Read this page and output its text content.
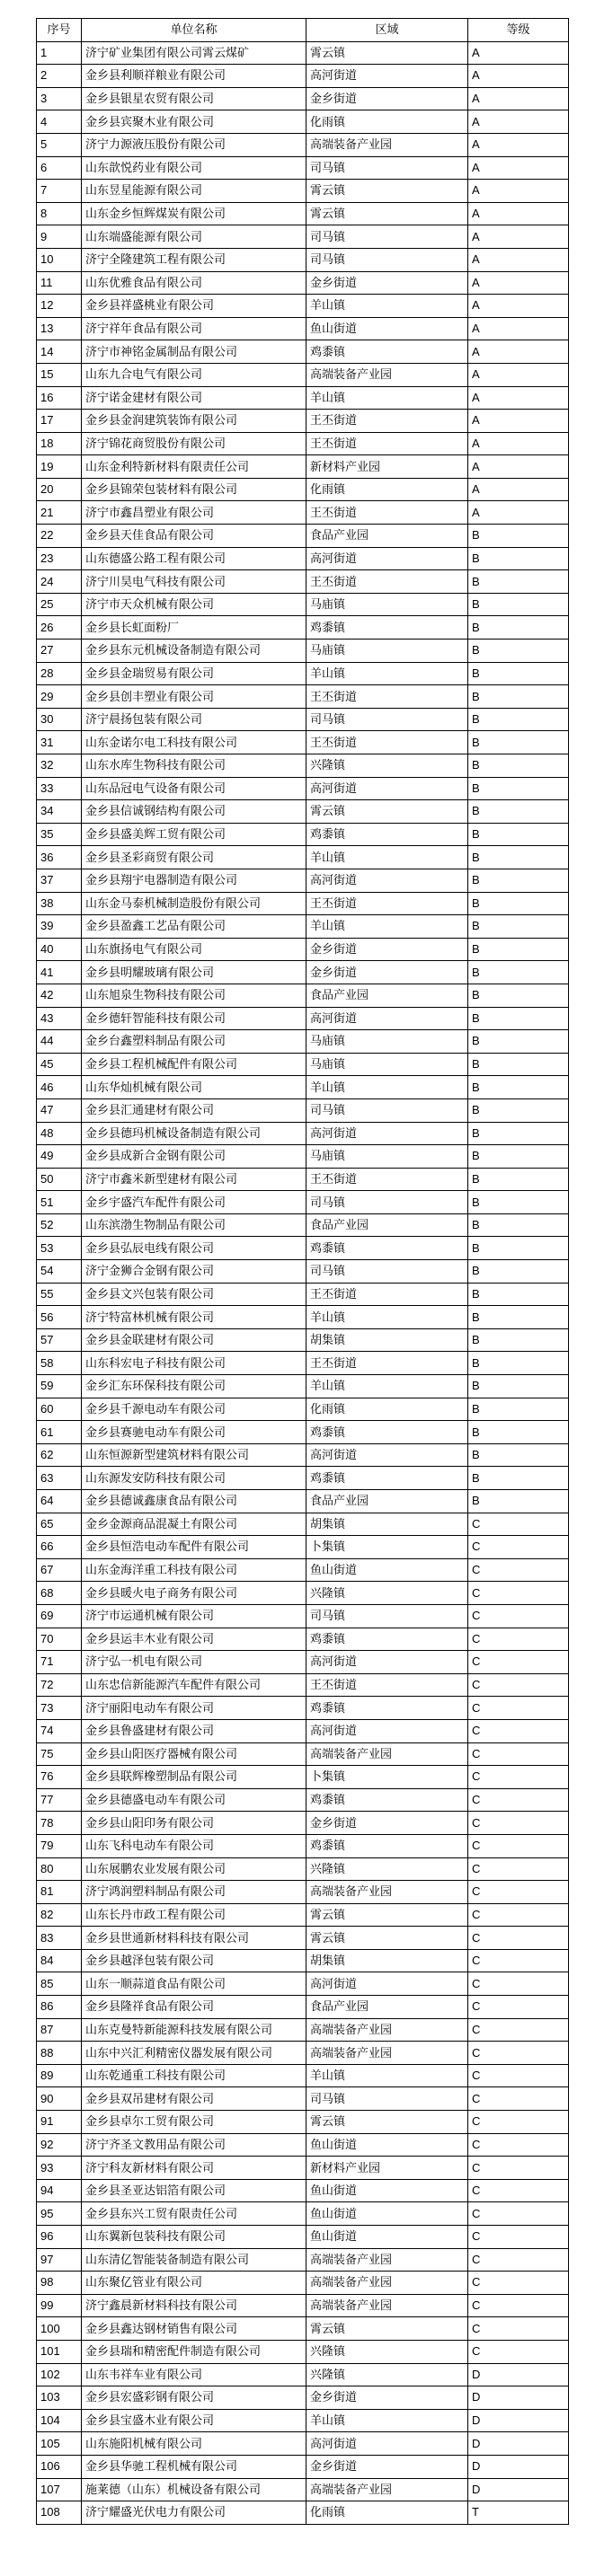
序号	单位名称	区域	等级
1	济宁矿业集团有限公司霄云煤矿	霄云镇	A
2	金乡县利顺祥粮业有限公司	高河街道	A
3	金乡县银星农贸有限公司	金乡街道	A
4	金乡县宾聚木业有限公司	化雨镇	A
5	济宁力源液压股份有限公司	高端装备产业园	A
6	山东歆悦药业有限公司	司马镇	A
7	山东昱星能源有限公司	霄云镇	A
8	山东金乡恒辉煤炭有限公司	霄云镇	A
9	山东端盛能源有限公司	司马镇	A
10	济宁全隆建筑工程有限公司	司马镇	A
11	山东优雅食品有限公司	金乡街道	A
12	金乡县祥盛桃业有限公司	羊山镇	A
13	济宁祥年食品有限公司	鱼山街道	A
14	济宁市神铭金属制品有限公司	鸡黍镇	A
15	山东九合电气有限公司	高端装备产业园	A
16	济宁诺金建材有限公司	羊山镇	A
17	金乡县金润建筑装饰有限公司	王丕街道	A
18	济宁锦花商贸股份有限公司	王丕街道	A
19	山东金利特新材料有限责任公司	新材料产业园	A
20	金乡县锦荣包装材料有限公司	化雨镇	A
21	济宁市鑫昌塑业有限公司	王丕街道	A
22	金乡县天佳食品有限公司	食品产业园	B
23	山东德盛公路工程有限公司	高河街道	B
24	济宁川昊电气科技有限公司	王丕街道	B
25	济宁市天众机械有限公司	马庙镇	B
26	金乡县长虹面粉厂	鸡黍镇	B
27	金乡县东元机械设备制造有限公司	马庙镇	B
28	金乡县金瑞贸易有限公司	羊山镇	B
29	金乡县创丰塑业有限公司	王丕街道	B
30	济宁晨扬包装有限公司	司马镇	B
31	山东金诺尔电工科技有限公司	王丕街道	B
32	山东水库生物科技有限公司	兴隆镇	B
33	山东品冠电气设备有限公司	高河街道	B
34	金乡县信诚钢结构有限公司	霄云镇	B
35	金乡县盛美辉工贸有限公司	鸡黍镇	B
36	金乡县圣彩商贸有限公司	羊山镇	B
37	金乡县翔宇电器制造有限公司	高河街道	B
38	山东金马泰机械制造股份有限公司	王丕街道	B
39	金乡县盈鑫工艺品有限公司	羊山镇	B
40	山东旗扬电气有限公司	金乡街道	B
41	金乡县明耀玻璃有限公司	金乡街道	B
42	山东旭泉生物科技有限公司	食品产业园	B
43	金乡德轩智能科技有限公司	高河街道	B
44	金乡台鑫塑料制品有限公司	马庙镇	B
45	金乡县工程机械配件有限公司	马庙镇	B
46	山东华灿机械有限公司	羊山镇	B
47	金乡县汇通建材有限公司	司马镇	B
48	金乡县德玛机械设备制造有限公司	高河街道	B
49	金乡县成新合金钢有限公司	马庙镇	B
50	济宁市鑫米新型建材有限公司	王丕街道	B
51	金乡宇盛汽车配件有限公司	司马镇	B
52	山东滨渤生物制品有限公司	食品产业园	B
53	金乡县弘辰电线有限公司	鸡黍镇	B
54	济宁金狮合金钢有限公司	司马镇	B
55	金乡县文兴包装有限公司	王丕街道	B
56	济宁特富林机械有限公司	羊山镇	B
57	金乡县金联建材有限公司	胡集镇	B
58	山东科宏电子科技有限公司	王丕街道	B
59	金乡汇东环保科技有限公司	羊山镇	B
60	金乡县千源电动车有限公司	化雨镇	B
61	金乡县赛驰电动车有限公司	鸡黍镇	B
62	山东恒源新型建筑材料有限公司	高河街道	B
63	山东源发安防科技有限公司	鸡黍镇	B
64	金乡县德诚鑫康食品有限公司	食品产业园	B
65	金乡金源商品混凝土有限公司	胡集镇	C
66	金乡县恒浩电动车配件有限公司	卜集镇	C
67	山东金海洋重工科技有限公司	鱼山街道	C
68	金乡县暖火电子商务有限公司	兴隆镇	C
69	济宁市运通机械有限公司	司马镇	C
70	金乡县运丰木业有限公司	鸡黍镇	C
71	济宁弘一机电有限公司	高河街道	C
72	山东忠信新能源汽车配件有限公司	王丕街道	C
73	济宁丽阳电动车有限公司	鸡黍镇	C
74	金乡县鲁盛建材有限公司	高河街道	C
75	金乡县山阳医疗器械有限公司	高端装备产业园	C
76	金乡县联辉橡塑制品有限公司	卜集镇	C
77	金乡县德盛电动车有限公司	鸡黍镇	C
78	金乡县山阳印务有限公司	金乡街道	C
79	山东飞科电动车有限公司	鸡黍镇	C
80	山东展鹏农业发展有限公司	兴隆镇	C
81	济宁鸿润塑料制品有限公司	高端装备产业园	C
82	山东长丹市政工程有限公司	霄云镇	C
83	金乡县世通新材料科技有限公司	霄云镇	C
84	金乡县越泽包装有限公司	胡集镇	C
85	山东一顺蒜道食品有限公司	高河街道	C
86	金乡县隆祥食品有限公司	食品产业园	C
87	山东克曼特新能源科技发展有限公司	高端装备产业园	C
88	山东中兴汇利精密仪器发展有限公司	高端装备产业园	C
89	山东乾通重工科技有限公司	羊山镇	C
90	金乡县双吊建材有限公司	司马镇	C
91	金乡县卓尔工贸有限公司	霄云镇	C
92	济宁齐圣文教用品有限公司	鱼山街道	C
93	济宁科友新材料有限公司	新材料产业园	C
94	金乡县圣亚达铝箔有限公司	鱼山街道	C
95	金乡县东兴工贸有限责任公司	鱼山街道	C
96	山东翼新包装科技有限公司	鱼山街道	C
97	山东清亿智能装备制造有限公司	高端装备产业园	C
98	山东聚亿管业有限公司	高端装备产业园	C
99	济宁鑫晨新材料科技有限公司	高端装备产业园	C
100	金乡县鑫达钢材销售有限公司	霄云镇	C
101	金乡县瑞和精密配件制造有限公司	兴隆镇	C
102	山东韦祥车业有限公司	兴隆镇	D
103	金乡县宏盛彩钢有限公司	金乡街道	D
104	金乡县宝盛木业有限公司	羊山镇	D
105	山东施阳机械有限公司	高河街道	D
106	金乡县华驰工程机械有限公司	金乡街道	D
107	施莱德（山东）机械设备有限公司	高端装备产业园	D
108	济宁耀盛光伏电力有限公司	化雨镇	T
